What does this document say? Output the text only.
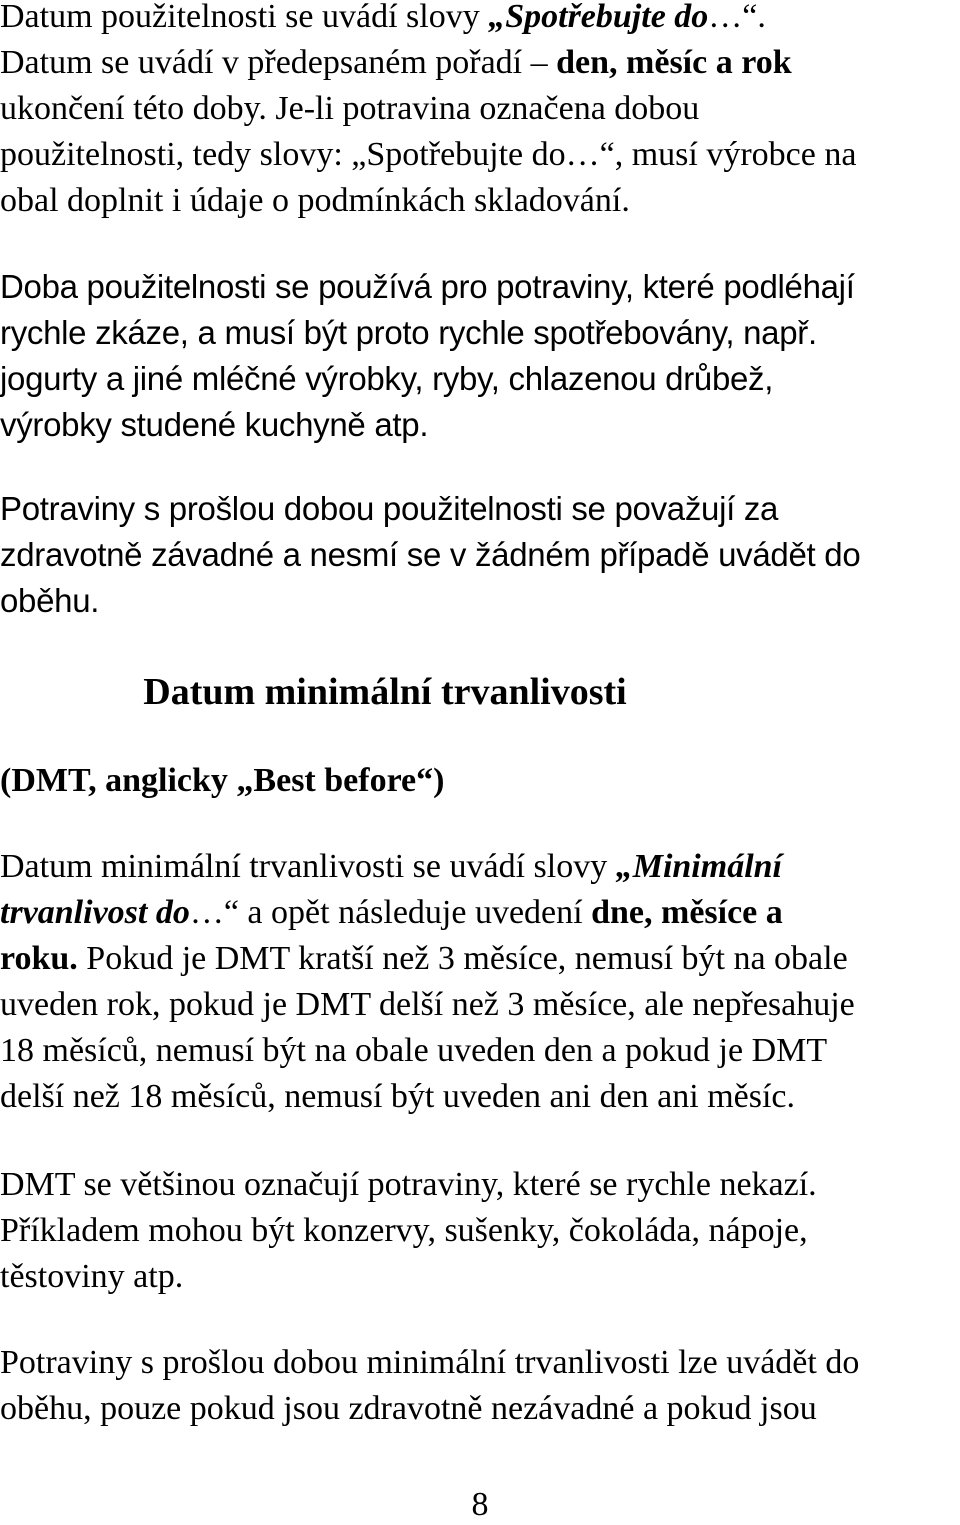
Datum použitelnosti se uvádí slovy „Spotřebujte do…“.
Datum se uvádí v předepsaném pořadí – den, měsíc a rok
ukončení této doby. Je-li potravina označena dobou
použitelnosti, tedy slovy: „Spotřebujte do…“, musí výrobce na
obal doplnit i údaje o podmínkách skladování.
Doba použitelnosti se používá pro potraviny, které podléhají
rychle zkáze, a musí být proto rychle spotřebovány, např.
jogurty a jiné mléčné výrobky, ryby, chlazenou drůbež,
výrobky studené kuchyně atp.
Potraviny s prošlou dobou použitelnosti se považují za
zdravotně závadné a nesmí se v žádném případě uvádět do
oběhu.
Datum minimální trvanlivosti
(DMT, anglicky „Best before“)
Datum minimální trvanlivosti se uvádí slovy „Minimální
trvanlivost do…“ a opět následuje uvedení dne, měsíce a
roku. Pokud je DMT kratší než 3 měsíce, nemusí být na obale
uveden rok, pokud je DMT delší než 3 měsíce, ale nepřesahuje
18 měsíců, nemusí být na obale uveden den a pokud je DMT
delší než 18 měsíců, nemusí být uveden ani den ani měsíc.
DMT se většinou označují potraviny, které se rychle nekazí.
Příkladem mohou být konzervy, sušenky, čokoláda, nápoje,
těstoviny atp.
Potraviny s prošlou dobou minimální trvanlivosti lze uvádět do
oběhu, pouze pokud jsou zdravotně nezávadné a pokud jsou
8
